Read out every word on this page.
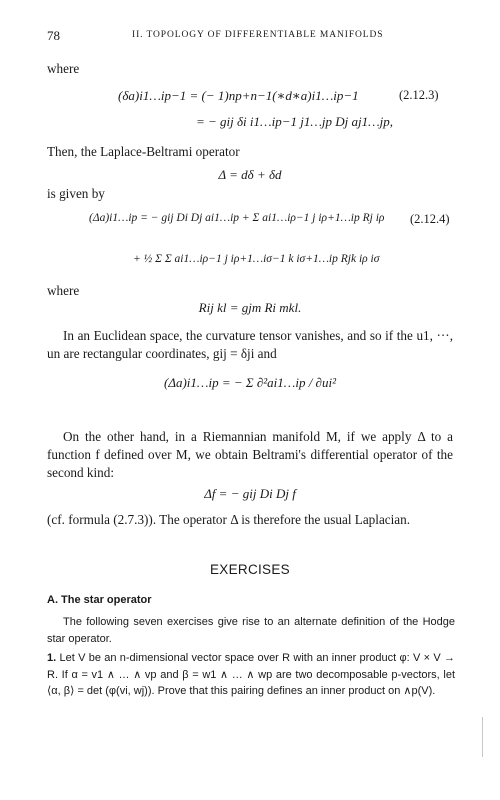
78	II. TOPOLOGY OF DIFFERENTIABLE MANIFOLDS
where
(δa)i1…ip−1 = (− 1)np+n−1(∗d∗a)i1…ip−1	(2.12.3)
= − gij δi i1…ip−1 j1…jp Dj aj1…jp,
Then, the Laplace-Beltrami operator
Δ = dδ + δd
is given by
(Δa)i1…ip = − gij Di Dj ai1…ip + Σ ai1…iρ−1 j iρ+1…ip Rj iρ (2.12.4)
+ ½ Σ Σ ai1…iρ−1 j iρ+1…iσ−1 k iσ+1…ip Rjk iρ iσ
where
Rij kl = gjm Ri mkl.
In an Euclidean space, the curvature tensor vanishes, and so if the u1, ···, un are rectangular coordinates, gij = δji and
(Δa)i1…ip = − Σ ∂²ai1…ip / ∂ui²
On the other hand, in a Riemannian manifold M, if we apply Δ to a function f defined over M, we obtain Beltrami's differential operator of the second kind:
Δf = − gij Di Dj f
(cf. formula (2.7.3)). The operator Δ is therefore the usual Laplacian.
EXERCISES
A. The star operator
The following seven exercises give rise to an alternate definition of the Hodge star operator.
1. Let V be an n-dimensional vector space over R with an inner product φ: V × V → R. If α = v1 ∧ … ∧ vp and β = w1 ∧ … ∧ wp are two decomposable p-vectors, let ⟨α, β⟩ = det (φ(vi, wj)). Prove that this pairing defines an inner product on ∧p(V).
